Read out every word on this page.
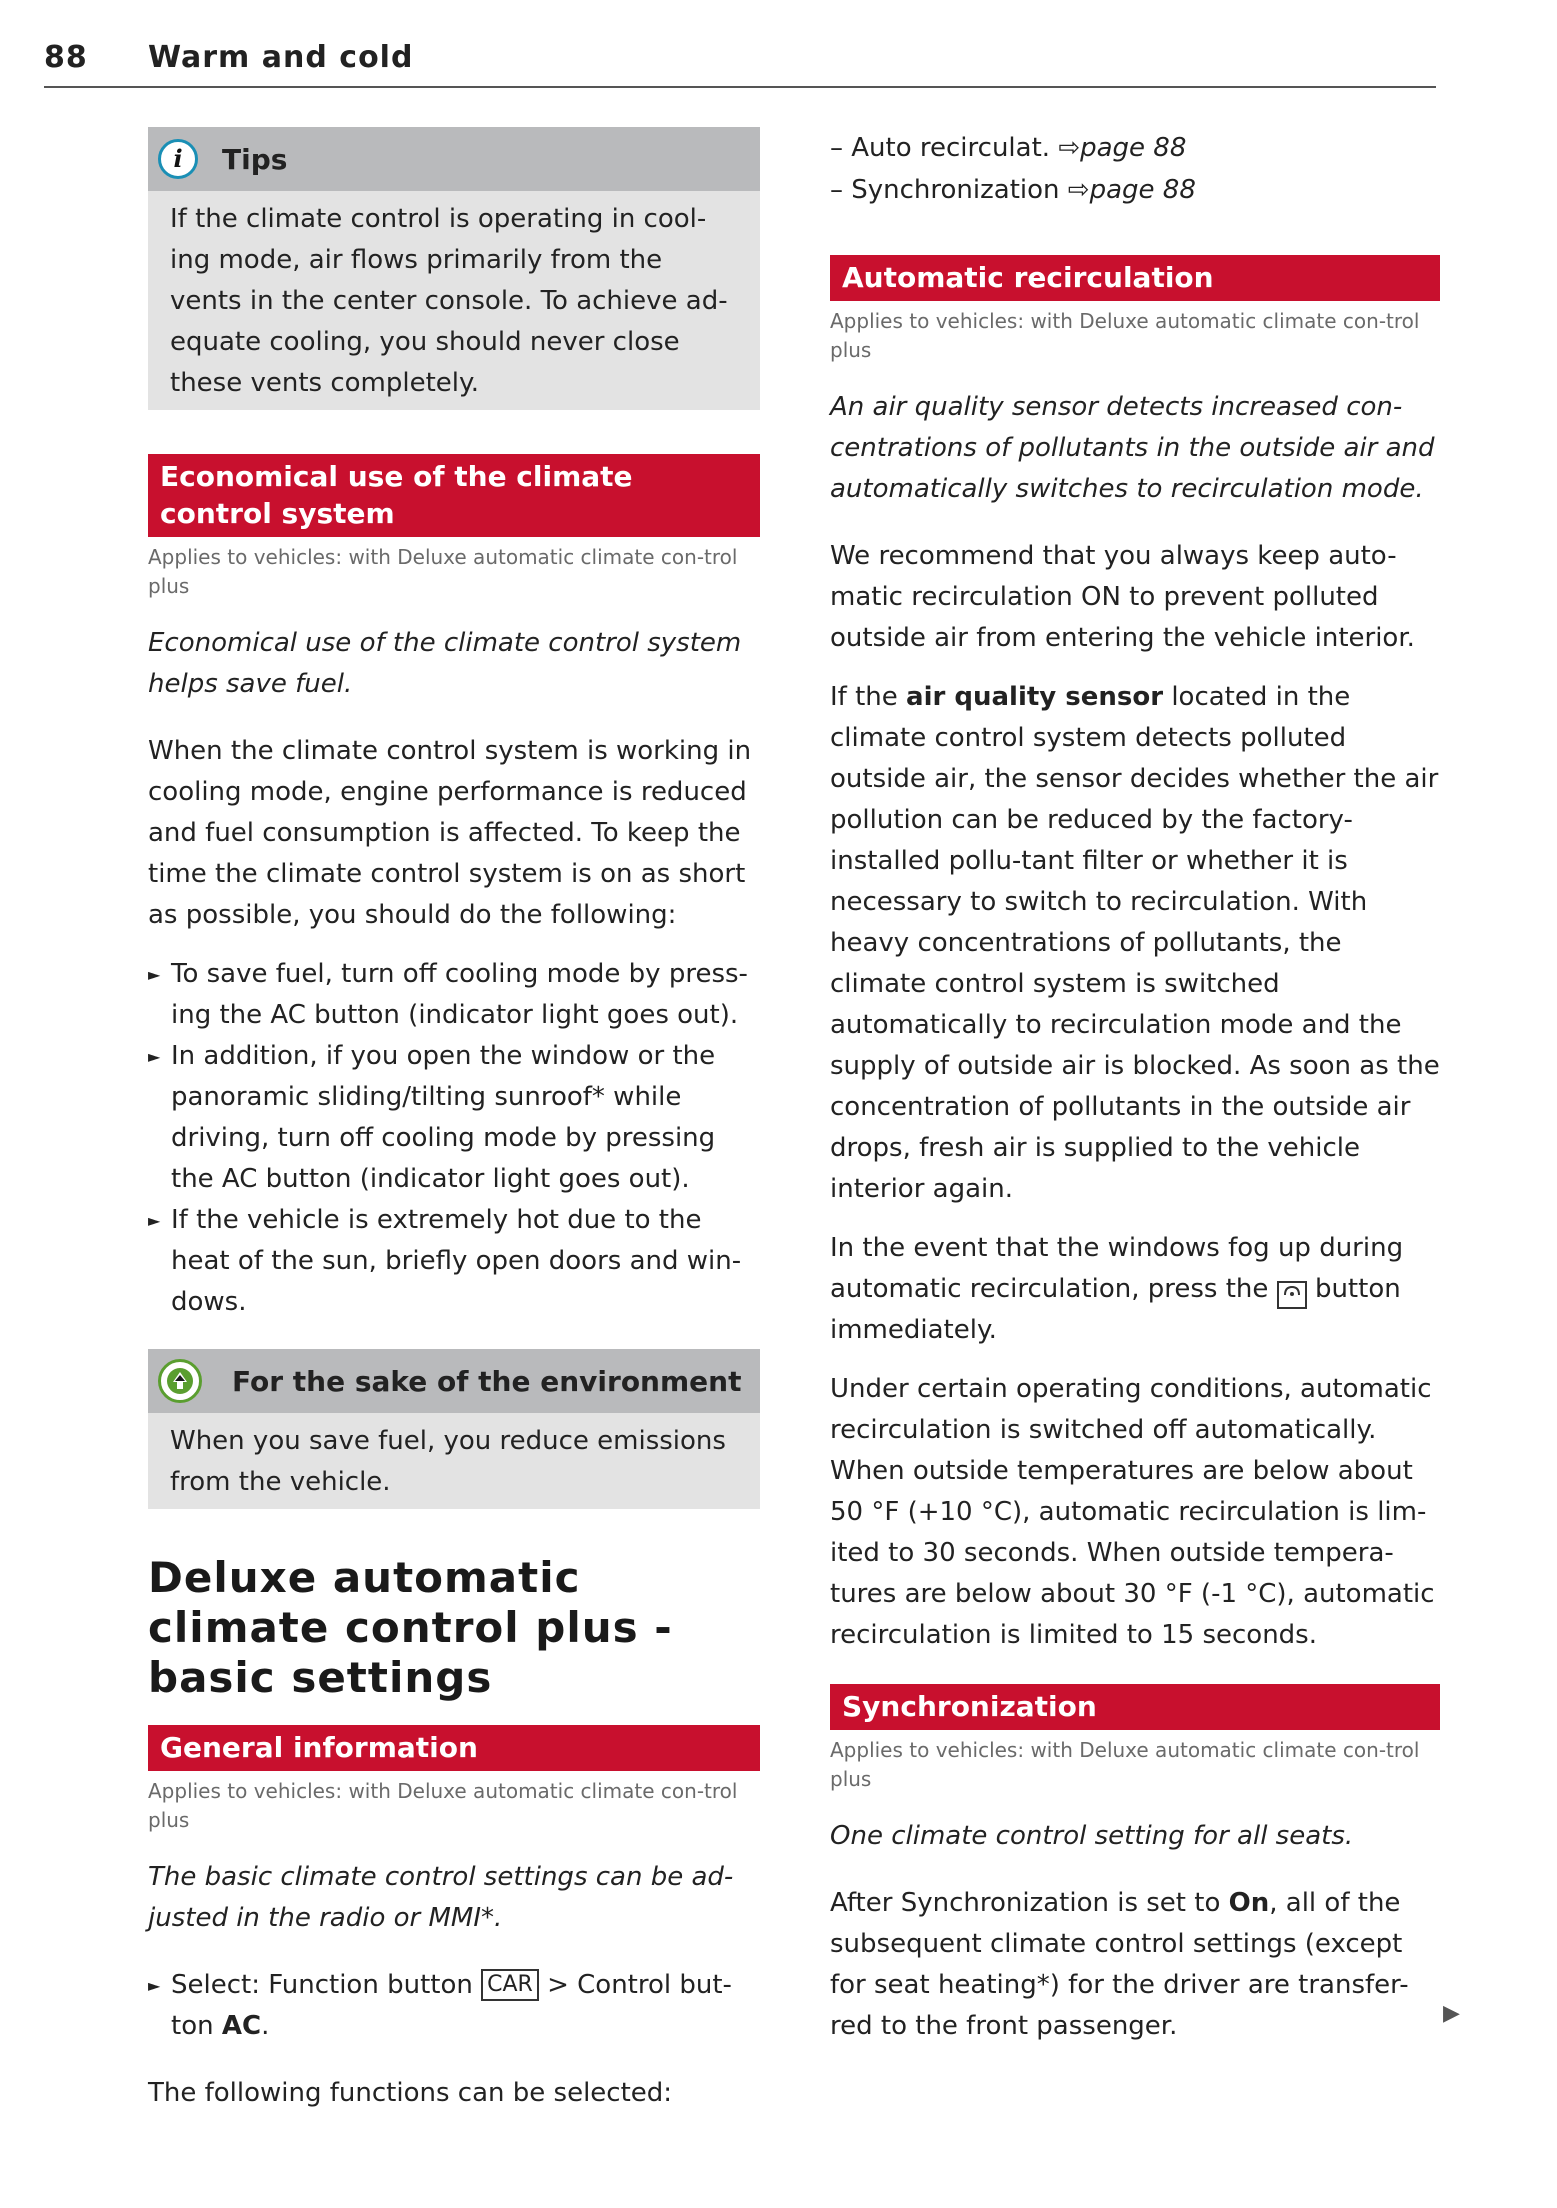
88 Warm and cold
i Tips

If the climate control is operating in cool-ing mode, air flows primarily from the vents in the center console. To achieve ad-equate cooling, you should never close these vents completely.

Economical use of the climate control system
Applies to vehicles: with Deluxe automatic climate con-trol plus

Economical use of the climate control system helps save fuel.

When the climate control system is working in cooling mode, engine performance is reduced and fuel consumption is affected. To keep the time the climate control system is on as short as possible, you should do the following:

► To save fuel, turn off cooling mode by press-ing the AC button (indicator light goes out).
► In addition, if you open the window or the panoramic sliding/tilting sunroof* while driving, turn off cooling mode by pressing the AC button (indicator light goes out).
► If the vehicle is extremely hot due to the heat of the sun, briefly open doors and win-dows.
For the sake of the environment

When you save fuel, you reduce emissions from the vehicle.

Deluxe automatic climate control plus - basic settings
General information
Applies to vehicles: with Deluxe automatic climate con-trol plus

The basic climate control settings can be ad-justed in the radio or MMI*.

► Select: Function button CAR > Control but-ton AC.

The following functions can be selected:

– Auto recirculat. ⇨page 88
– Synchronization ⇨page 88
Automatic recirculation
Applies to vehicles: with Deluxe automatic climate con-trol plus

An air quality sensor detects increased con-centrations of pollutants in the outside air and automatically switches to recirculation mode.

We recommend that you always keep auto-matic recirculation ON to prevent polluted outside air from entering the vehicle interior.

If the air quality sensor located in the climate control system detects polluted outside air, the sensor decides whether the air pollution can be reduced by the factory-installed pollu-tant filter or whether it is necessary to switch to recirculation. With heavy concentrations of pollutants, the climate control system is switched automatically to recirculation mode and the supply of outside air is blocked. As soon as the concentration of pollutants in the outside air drops, fresh air is supplied to the vehicle interior again.

In the event that the windows fog up during automatic recirculation, press the button immediately.

Under certain operating conditions, automatic recirculation is switched off automatically. When outside temperatures are below about 50 °F (+10 °C), automatic recirculation is lim-ited to 30 seconds. When outside tempera-tures are below about 30 °F (-1 °C), automatic recirculation is limited to 15 seconds.

Synchronization
Applies to vehicles: with Deluxe automatic climate con-trol plus

One climate control setting for all seats.

After Synchronization is set to On, all of the subsequent climate control settings (except for seat heating*) for the driver are transfer-red to the front passenger.	▶
